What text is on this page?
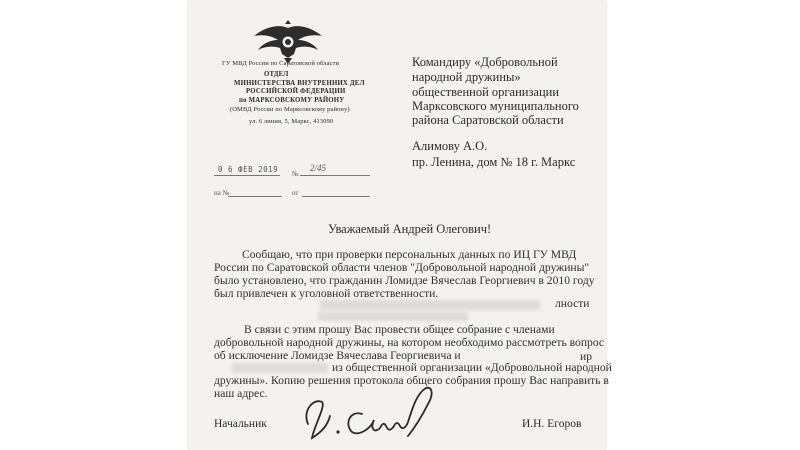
ГУ МВД России по Саратовской области
ОТДЕЛ
МИНИСТЕРСТВА ВНУТРЕННИХ ДЕЛ
РОССИЙСКОЙ ФЕДЕРАЦИИ
по МАРКСОВСКОМУ РАЙОНУ
(ОМВД России по Марксовскому району)
ул. 6 линия, 5, Маркс, 413090
0 6 ФЕВ 2019 №
2/45
на №	от
Командиру «Добровольной
народной дружины»
общественной организации
Марксовского муниципального
района Саратовской области
Алимову А.О.
пр. Ленина, дом № 18 г. Маркс
Уважаемый Андрей Олегович!
Сообщаю, что при проверки персональных данных по ИЦ ГУ МВД
России по Саратовской области членов "Добровольной народной дружины"
было установлено, что гражданин Ломидзе Вячеслав Георгиевич в 2010 году
был привлечен к уголовной ответственности.
лности
В связи с этим прошу Вас провести общее собрание с членами
добровольной народной дружины, на котором необходимо рассмотреть вопрос
об исключение Ломидзе Вячеслава Георгиевича и	ир
из общественной организации «Добровольной народной
дружины». Копию решения протокола общего собрания прошу Вас направить в
наш адрес.
Начальник	И.Н. Егоров
